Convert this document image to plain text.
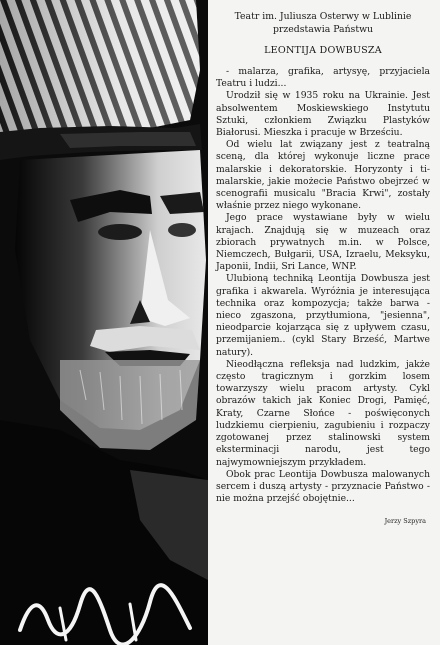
Teatr im. Juliusza Osterwy w Lublinie
przedstawia Państwu
LEONTIJA DOWBUSZA

- malarza, grafika, artysyę, przyjaciela Teatru i ludzi...

Urodził się w 1935 roku na Ukrainie. Jest absolwentem Moskiewskiego Instytutu Sztuki, członkiem Związku Plastyków Białorusi. Mieszka i pracuje w Brześciu.

Od wielu lat związany jest z teatralną sceną, dla której wykonuje liczne prace malarskie i dekoratorskie. Horyzonty i ti- malarskie, jakie możecie Państwo obejrzeć w scenografii musicalu "Bracia Krwi", zostały właśnie przez niego wykonane.

Jego prace wystawiane były w wielu krajach. Znajdują się w muzeach oraz zbiorach prywatnych m.in. w Polsce, Niemczech, Bułgarii, USA, Izraelu, Meksyku, Japonii, Indii, Sri Lance, WNP.

Ulubioną techniką Leontija Dowbusza jest grafika i akwarela. Wyróżnia je interesująca technika oraz kompozycja; także barwa - nieco zgaszona, przytłumiona, "jesienna", nieodparcie kojarząca się z upływem czasu, przemijaniem.. (cykl Stary Brześć, Martwe natury).

Nieodłączna refleksja nad ludzkim, jakże często tragicznym i gorzkim losem towarzyszy wielu pracom artysty. Cykl obrazów takich jak Koniec Drogi, Pamięć, Kraty, Czarne Słońce - poświęconych ludzkiemu cierpieniu, zagubieniu i rozpaczy zgotowanej przez stalinowski system eksterminacji narodu, jest tego najwymowniejszym przykładem.

Obok prac Leontija Dowbusza malowanych sercem i duszą artysty - przyznacie Państwo - nie można przejść obojętnie...

Jerzy Szpyra
